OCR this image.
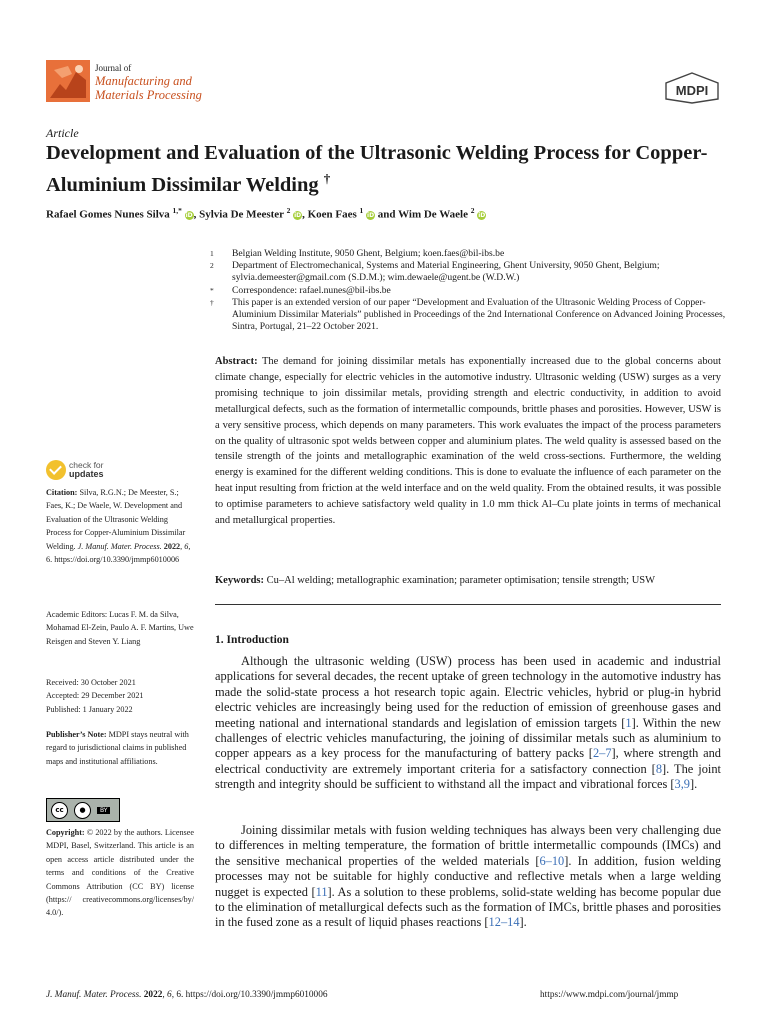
Journal of
Manufacturing and
Materials Processing	MDPI
Article
Development and Evaluation of the Ultrasonic Welding Process for Copper-Aluminium Dissimilar Welding †
Rafael Gomes Nunes Silva $^{1,*}$ iD, Sylvia De Meester $^2$ iD, Koen Faes $^1$ iD and Wim De Waele $^2$ iD
1	Belgian Welding Institute, 9050 Ghent, Belgium; koen.faes@bil-ibs.be
2	Department of Electromechanical, Systems and Material Engineering, Ghent University, 9050 Ghent, Belgium; sylvia.demeester@gmail.com (S.D.M.); wim.dewaele@ugent.be (W.D.W.)
*	Correspondence: rafael.nunes@bil-ibs.be
†	This paper is an extended version of our paper “Development and Evaluation of the Ultrasonic Welding Process of Copper-Aluminium Dissimilar Materials” published in Proceedings of the 2nd International Conference on Advanced Joining Processes, Sintra, Portugal, 21–22 October 2021.
Abstract: The demand for joining dissimilar metals has exponentially increased due to the global concerns about climate change, especially for electric vehicles in the automotive industry. Ultrasonic welding (USW) surges as a very promising technique to join dissimilar metals, providing strength and electric conductivity, in addition to avoid metallurgical defects, such as the formation of intermetallic compounds, brittle phases and porosities. However, USW is a very sensitive process, which depends on many parameters. This work evaluates the impact of the process parameters on the quality of ultrasonic spot welds between copper and aluminium plates. The weld quality is assessed based on the tensile strength of the joints and metallographic examination of the weld cross-sections. Furthermore, the welding energy is examined for the different welding conditions. This is done to evaluate the influence of each parameter on the heat input resulting from friction at the weld interface and on the weld quality. From the obtained results, it was possible to optimise parameters to achieve satisfactory weld quality in 1.0 mm thick Al–Cu plate joints in terms of mechanical and metallurgical properties.
Keywords: Cu–Al welding; metallographic examination; parameter optimisation; tensile strength; USW
1. Introduction
Although the ultrasonic welding (USW) process has been used in academic and industrial applications for several decades, the recent uptake of green technology in the automotive industry has made the solid-state process a hot research topic again. Electric vehicles, hybrid or plug-in hybrid electric vehicles are increasingly being used for the reduction of emission of greenhouse gases and meeting national and international standards and legislation of emission targets [1]. Within the new challenges of electric vehicles manufacturing, the joining of dissimilar metals such as aluminium to copper appears as a key process for the manufacturing of battery packs [2–7], where strength and electrical conductivity are extremely important criteria for a satisfactory connection [8]. The joint strength and integrity should be sufficient to withstand all the impact and vibrational forces [3,9].
Joining dissimilar metals with fusion welding techniques has always been very challenging due to differences in melting temperature, the formation of brittle intermetallic compounds (IMCs) and the sensitive mechanical properties of the welded materials [6–10]. In addition, fusion welding processes may not be suitable for highly conductive and reflective metals when a large welding nugget is expected [11]. As a solution to these problems, solid-state welding has become popular due to the elimination of metallurgical defects such as the formation of IMCs, brittle phases and porosities in the fused zone as a result of liquid phases reactions [12–14].
check for
updates
Citation: Silva, R.G.N.; De Meester, S.; Faes, K.; De Waele, W. Development and Evaluation of the Ultrasonic Welding Process for Copper-Aluminium Dissimilar Welding. J. Manuf. Mater. Process. 2022, 6, 6. https://doi.org/10.3390/jmmp6010006
Academic Editors: Lucas F. M. da Silva, Mohamad El-Zein, Paulo A. F. Martins, Uwe Reisgen and Steven Y. Liang
Received: 30 October 2021
Accepted: 29 December 2021
Published: 1 January 2022
Publisher’s Note: MDPI stays neutral with regard to jurisdictional claims in published maps and institutional affiliations.
cc	●	BY
Copyright: © 2022 by the authors. Licensee MDPI, Basel, Switzerland. This article is an open access article distributed under the terms and conditions of the Creative Commons Attribution (CC BY) license (https:// creativecommons.org/licenses/by/ 4.0/).
J. Manuf. Mater. Process. 2022, 6, 6. https://doi.org/10.3390/jmmp6010006	https://www.mdpi.com/journal/jmmp
